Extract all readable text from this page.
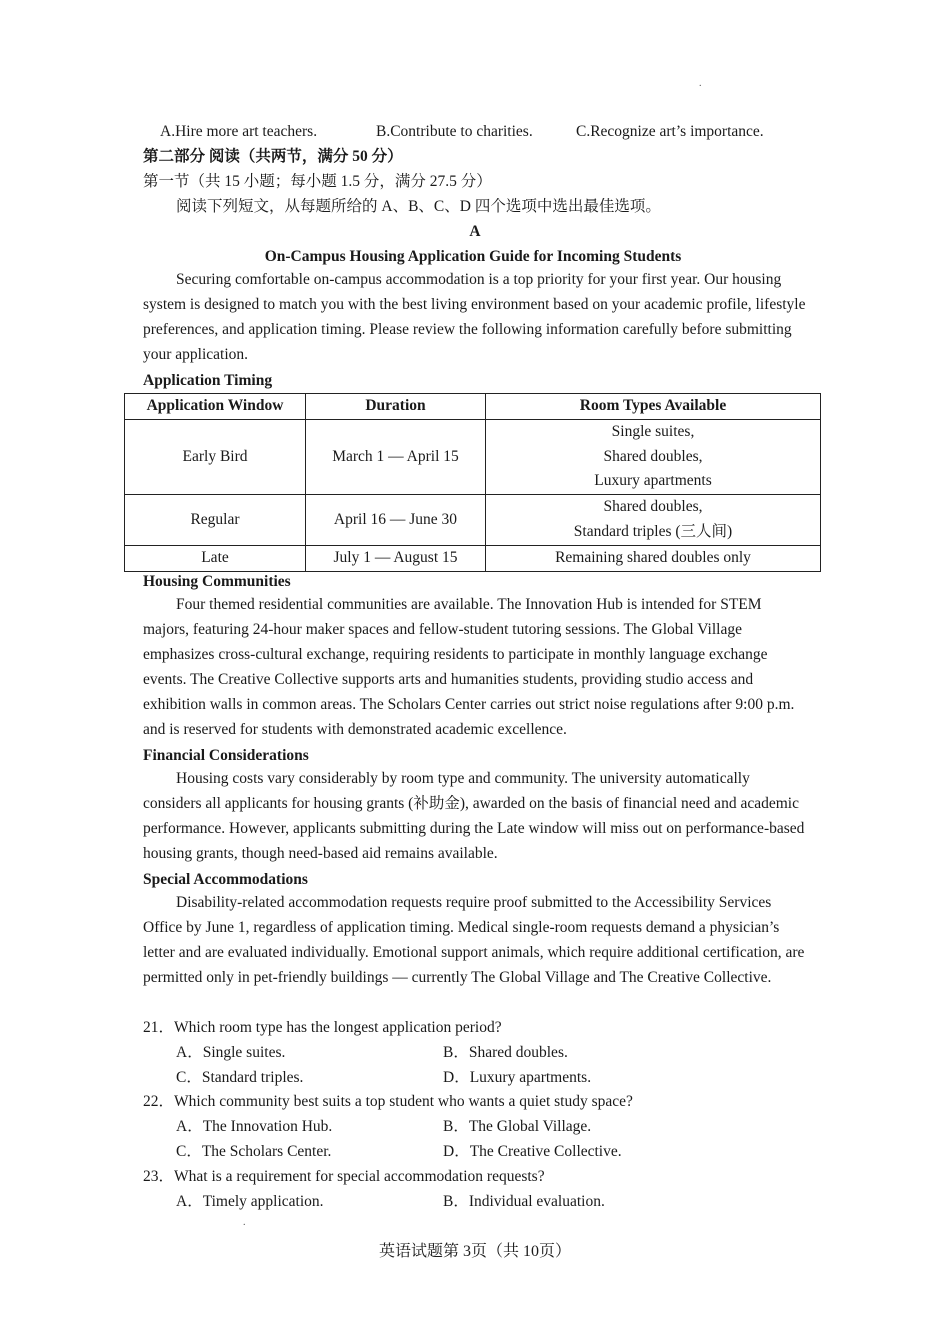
.
A.Hire more art teachers.	B.Contribute to charities.	C.Recognize art’s importance.
第二部分 阅读（共两节，满分 50 分）
第一节（共 15 小题；每小题 1.5 分，满分 27.5 分）
阅读下列短文，从每题所给的 A、B、C、D 四个选项中选出最佳选项。
A
On-Campus Housing Application Guide for Incoming Students

Securing comfortable on-campus accommodation is a top priority for your first year. Our housing system is designed to match you with the best living environment based on your academic profile, lifestyle preferences, and application timing. Please review the following information carefully before submitting your application.

Application Timing
Application Window	Duration	Room Types Available
Early Bird	March 1 — April 15	Single suites,
Shared doubles,
Luxury apartments

Regular	April 16 — June 30	Shared doubles,
Standard triples (三人间)

Late	July 1 — August 15	Remaining shared doubles only
Housing Communities

Four themed residential communities are available. The Innovation Hub is intended for STEM majors, featuring 24-hour maker spaces and fellow-student tutoring sessions. The Global Village emphasizes cross-cultural exchange, requiring residents to participate in monthly language exchange events. The Creative Collective supports arts and humanities students, providing studio access and exhibition walls in common areas. The Scholars Center carries out strict noise regulations after 9:00 p.m. and is reserved for students with demonstrated academic excellence.

Financial Considerations

Housing costs vary considerably by room type and community. The university automatically considers all applicants for housing grants (补助金), awarded on the basis of financial need and academic performance. However, applicants submitting during the Late window will miss out on performance-based housing grants, though need-based aid remains available.

Special Accommodations

Disability-related accommodation requests require proof submitted to the Accessibility Services Office by June 1, regardless of application timing. Medical single-room requests demand a physician’s letter and are evaluated individually. Emotional support animals, which require additional certification, are permitted only in pet-friendly buildings — currently The Global Village and The Creative Collective.

21．Which room type has the longest application period?
A．Single suites.	B．Shared doubles.
C．Standard triples.	D．Luxury apartments.
22．Which community best suits a top student who wants a quiet study space?
A．The Innovation Hub.	B．The Global Village.
C．The Scholars Center.	D．The Creative Collective.
23．What is a requirement for special accommodation requests?
A．Timely application.	B．Individual evaluation.
.
英语试题第 3页（共 10页）
